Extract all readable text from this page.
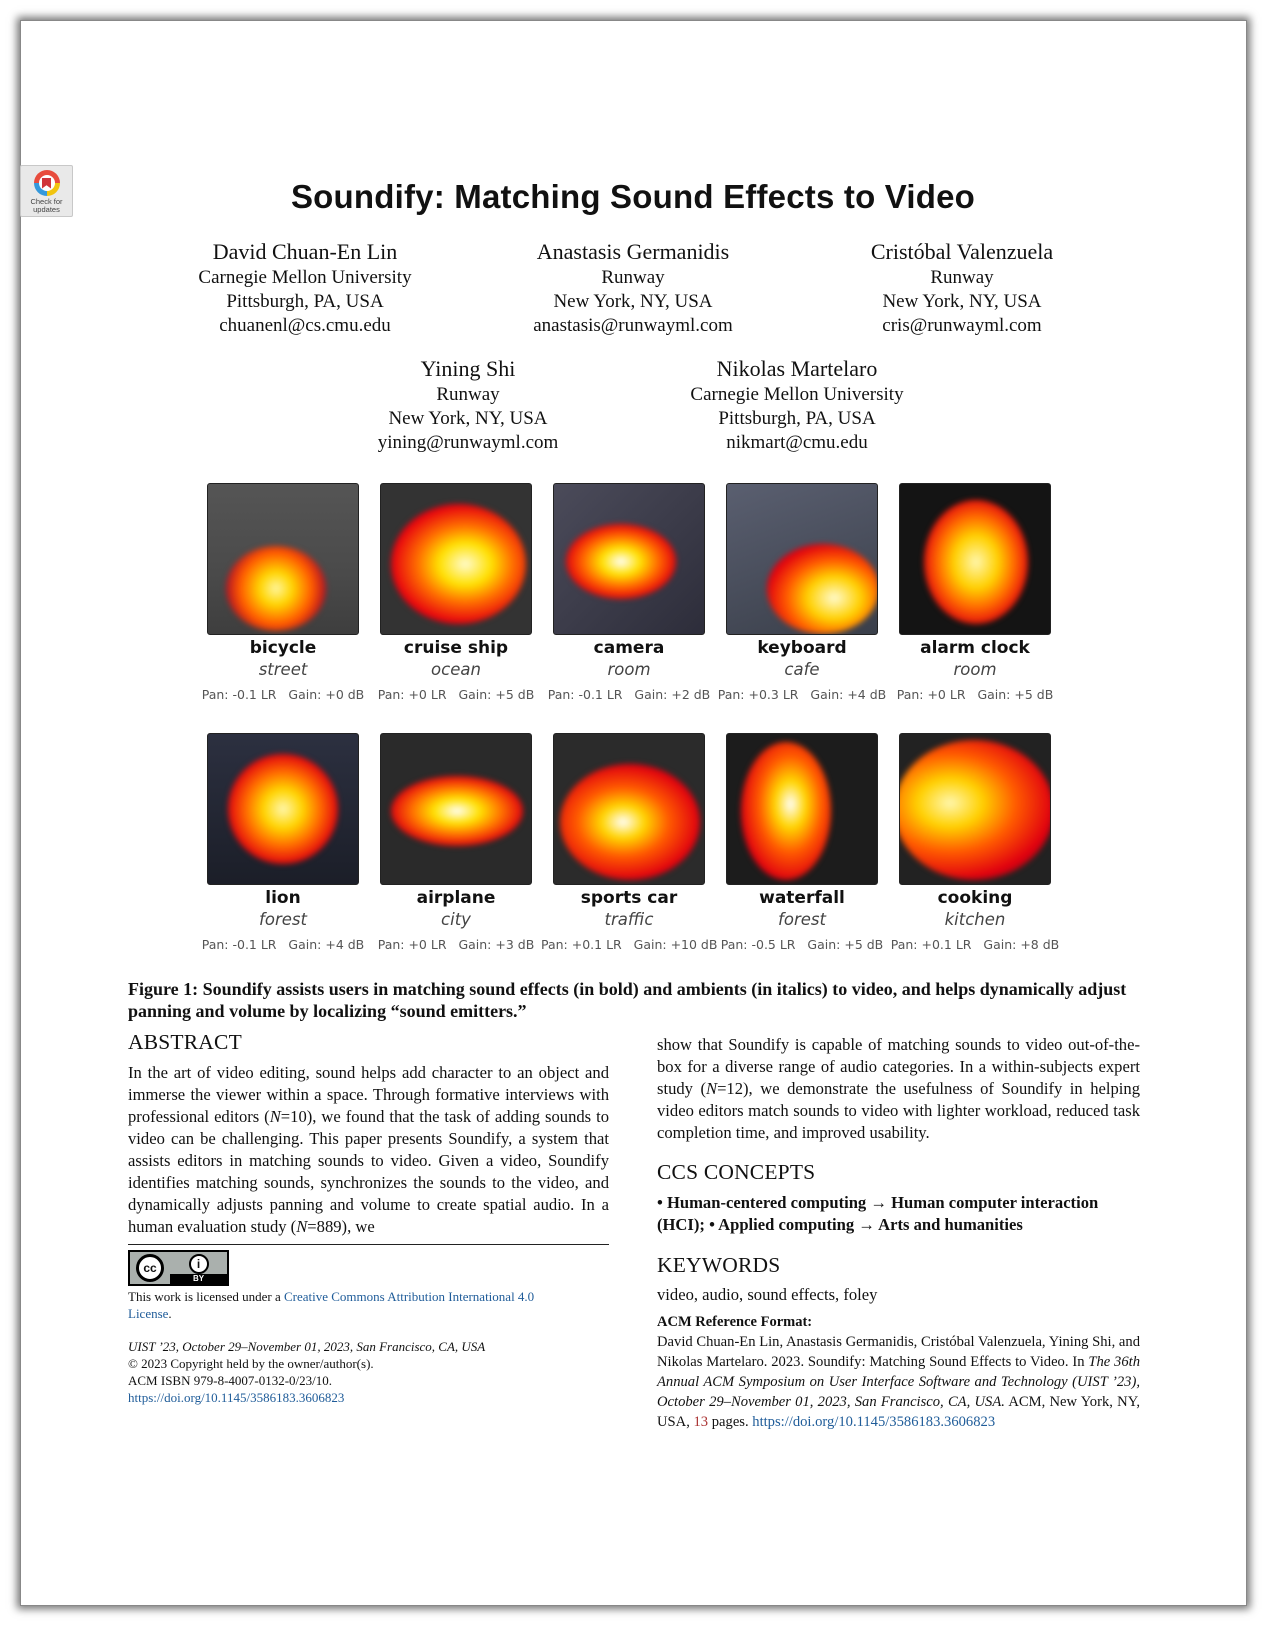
Check for
updates	Soundify: Matching Sound Effects to Video
David Chuan-En Lin
Carnegie Mellon University
Pittsburgh, PA, USA
chuanenl@cs.cmu.edu
Anastasis Germanidis
Runway
New York, NY, USA
anastasis@runwayml.com
Cristóbal Valenzuela
Runway
New York, NY, USA
cris@runwayml.com
Yining Shi
Runway
New York, NY, USA
yining@runwayml.com
Nikolas Martelaro
Carnegie Mellon University
Pittsburgh, PA, USA
nikmart@cmu.edu
bicycle
street
Pan: -0.1 LR Gain: +0 dB
cruise ship
ocean
Pan: +0 LR Gain: +5 dB
camera
room
Pan: -0.1 LR Gain: +2 dB
keyboard
cafe
Pan: +0.3 LR Gain: +4 dB
alarm clock
room
Pan: +0 LR Gain: +5 dB
lion
forest
Pan: -0.1 LR Gain: +4 dB
airplane
city
Pan: +0 LR Gain: +3 dB
sports car
traffic
Pan: +0.1 LR Gain: +10 dB
waterfall
forest
Pan: -0.5 LR Gain: +5 dB
cooking
kitchen
Pan: +0.1 LR Gain: +8 dB
Figure 1: Soundify assists users in matching sound effects (in bold) and ambients (in italics) to video, and helps dynamically adjust panning and volume by localizing “sound emitters.”
ABSTRACT
In the art of video editing, sound helps add character to an object and immerse the viewer within a space. Through formative interviews with professional editors (N=10), we found that the task of adding sounds to video can be challenging. This paper presents Soundify, a system that assists editors in matching sounds to video. Given a video, Soundify identifies matching sounds, synchronizes the sounds to the video, and dynamically adjusts panning and volume to create spatial audio. In a human evaluation study (N=889), we
cc	i
BY
This work is licensed under a Creative Commons Attribution International 4.0 License.
UIST ’23, October 29–November 01, 2023, San Francisco, CA, USA
© 2023 Copyright held by the owner/author(s).
ACM ISBN 979-8-4007-0132-0/23/10.
https://doi.org/10.1145/3586183.3606823
show that Soundify is capable of matching sounds to video out-of-the-box for a diverse range of audio categories. In a within-subjects expert study (N=12), we demonstrate the usefulness of Soundify in helping video editors match sounds to video with lighter workload, reduced task completion time, and improved usability.
CCS CONCEPTS
• Human-centered computing → Human computer interaction (HCI); • Applied computing → Arts and humanities
KEYWORDS
video, audio, sound effects, foley
ACM Reference Format:
David Chuan-En Lin, Anastasis Germanidis, Cristóbal Valenzuela, Yining Shi, and Nikolas Martelaro. 2023. Soundify: Matching Sound Effects to Video. In The 36th Annual ACM Symposium on User Interface Software and Technology (UIST ’23), October 29–November 01, 2023, San Francisco, CA, USA. ACM, New York, NY, USA, 13 pages. https://doi.org/10.1145/3586183.3606823
